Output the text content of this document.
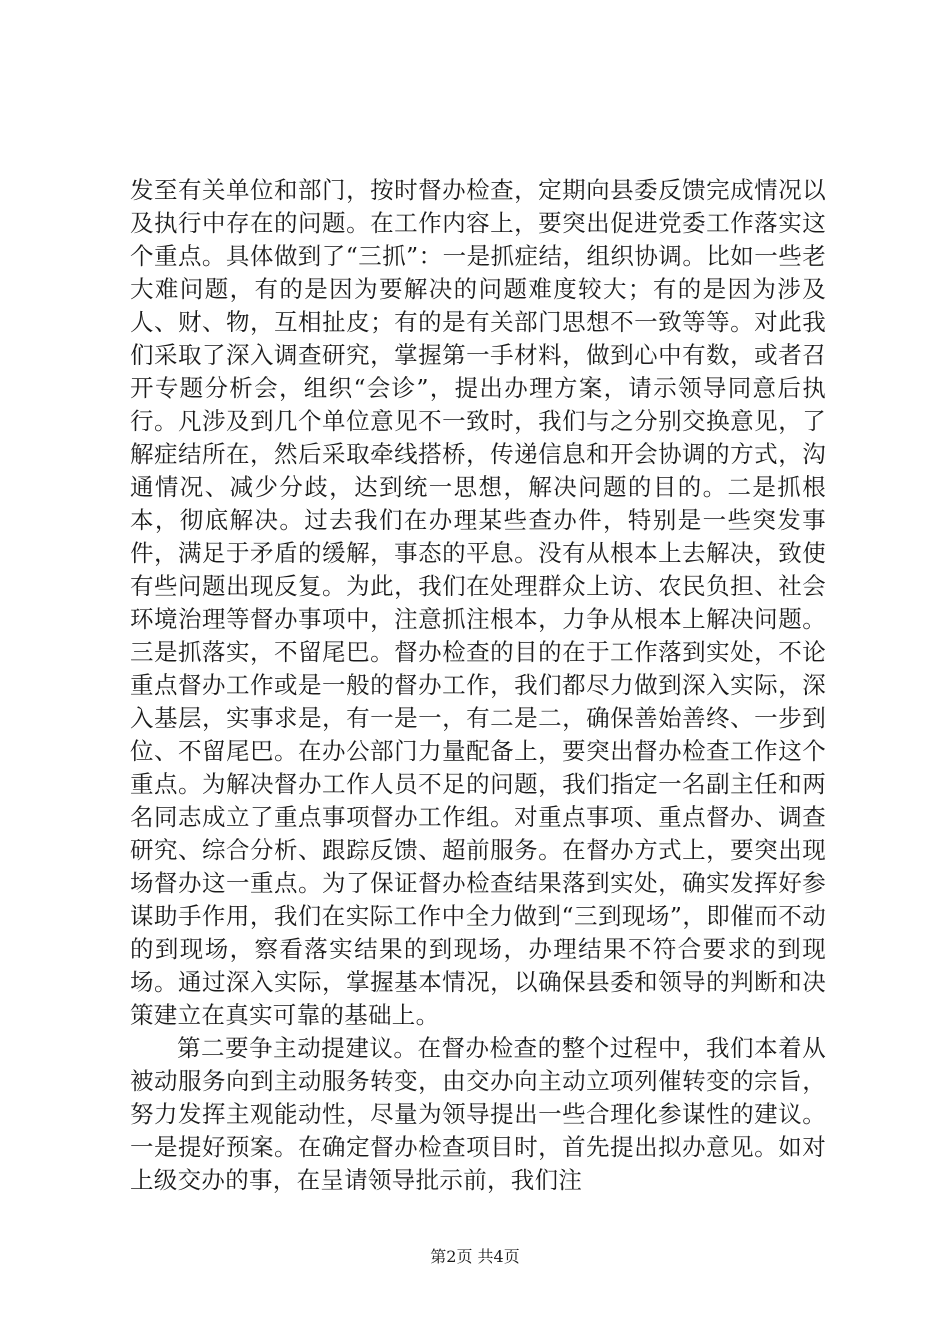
发至有关单位和部门，按时督办检查，定期向县委反馈完成情况以及执行中存在的问题。在工作内容上，要突出促进党委工作落实这个重点。具体做到了“三抓”：一是抓症结，组织协调。比如一些老大难问题，有的是因为要解决的问题难度较大；有的是因为涉及人、财、物，互相扯皮；有的是有关部门思想不一致等等。对此我们采取了深入调查研究，掌握第一手材料，做到心中有数，或者召开专题分析会，组织“会诊”，提出办理方案，请示领导同意后执行。凡涉及到几个单位意见不一致时，我们与之分别交换意见，了解症结所在，然后采取牵线搭桥，传递信息和开会协调的方式，沟通情况、减少分歧，达到统一思想，解决问题的目的。二是抓根本，彻底解决。过去我们在办理某些查办件，特别是一些突发事件，满足于矛盾的缓解，事态的平息。没有从根本上去解决，致使有些问题出现反复。为此，我们在处理群众上访、农民负担、社会环境治理等督办事项中，注意抓注根本，力争从根本上解决问题。三是抓落实，不留尾巴。督办检查的目的在于工作落到实处，不论重点督办工作或是一般的督办工作，我们都尽力做到深入实际，深入基层，实事求是，有一是一，有二是二，确保善始善终、一步到位、不留尾巴。在办公部门力量配备上，要突出督办检查工作这个重点。为解决督办工作人员不足的问题，我们指定一名副主任和两名同志成立了重点事项督办工作组。对重点事项、重点督办、调查研究、综合分析、跟踪反馈、超前服务。在督办方式上，要突出现场督办这一重点。为了保证督办检查结果落到实处，确实发挥好参谋助手作用，我们在实际工作中全力做到“三到现场”，即催而不动的到现场，察看落实结果的到现场，办理结果不符合要求的到现场。通过深入实际，掌握基本情况，以确保县委和领导的判断和决策建立在真实可靠的基础上。

第二要争主动提建议。在督办检查的整个过程中，我们本着从被动服务向到主动服务转变，由交办向主动立项列催转变的宗旨，努力发挥主观能动性，尽量为领导提出一些合理化参谋性的建议。一是提好预案。在确定督办检查项目时，首先提出拟办意见。如对上级交办的事，在呈请领导批示前，我们注

第2页 共4页
